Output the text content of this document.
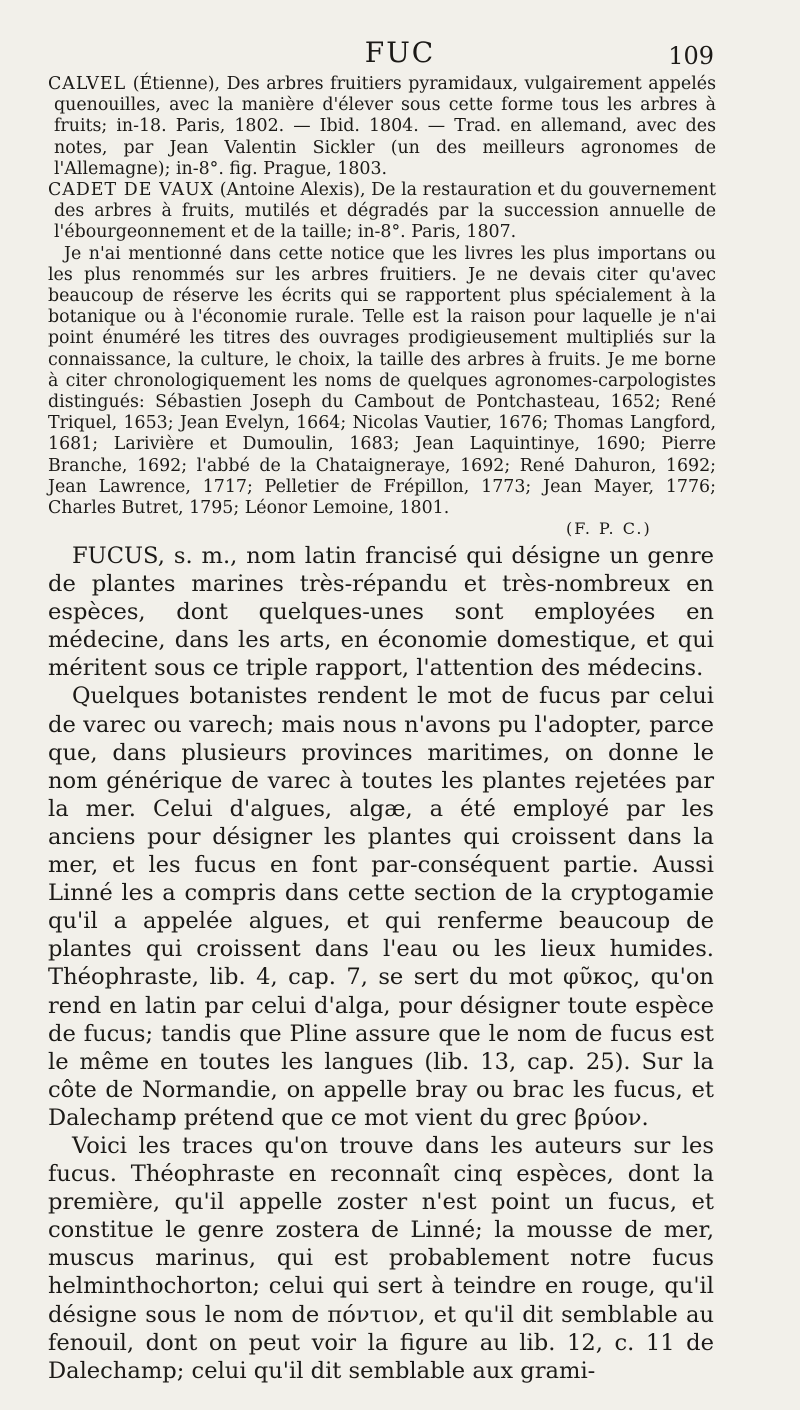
FUC	109

CALVEL (Étienne), Des arbres fruitiers pyramidaux, vulgairement appelés quenouilles, avec la manière d'élever sous cette forme tous les arbres à fruits; in-18. Paris, 1802. — Ibid. 1804. — Trad. en allemand, avec des notes, par Jean Valentin Sickler (un des meilleurs agronomes de l'Allemagne); in-8°. fig. Prague, 1803.

CADET DE VAUX (Antoine Alexis), De la restauration et du gouvernement des arbres à fruits, mutilés et dégradés par la succession annuelle de l'ébourgeonnement et de la taille; in-8°. Paris, 1807.

Je n'ai mentionné dans cette notice que les livres les plus importans ou les plus renommés sur les arbres fruitiers. Je ne devais citer qu'avec beaucoup de réserve les écrits qui se rapportent plus spécialement à la botanique ou à l'économie rurale. Telle est la raison pour laquelle je n'ai point énuméré les titres des ouvrages prodigieusement multipliés sur la connaissance, la culture, le choix, la taille des arbres à fruits. Je me borne à citer chronologiquement les noms de quelques agronomes-carpologistes distingués: Sébastien Joseph du Cambout de Pontchasteau, 1652; René Triquel, 1653; Jean Evelyn, 1664; Nicolas Vautier, 1676; Thomas Langford, 1681; Larivière et Dumoulin, 1683; Jean Laquintinye, 1690; Pierre Branche, 1692; l'abbé de la Chataigneraye, 1692; René Dahuron, 1692; Jean Lawrence, 1717; Pelletier de Frépillon, 1773; Jean Mayer, 1776; Charles Butret, 1795; Léonor Lemoine, 1801.

(F. P. C.)

FUCUS, s. m., nom latin francisé qui désigne un genre de plantes marines très-répandu et très-nombreux en espèces, dont quelques-unes sont employées en médecine, dans les arts, en économie domestique, et qui méritent sous ce triple rapport, l'attention des médecins.

Quelques botanistes rendent le mot de fucus par celui de varec ou varech; mais nous n'avons pu l'adopter, parce que, dans plusieurs provinces maritimes, on donne le nom générique de varec à toutes les plantes rejetées par la mer. Celui d'algues, algæ, a été employé par les anciens pour désigner les plantes qui croissent dans la mer, et les fucus en font par-conséquent partie. Aussi Linné les a compris dans cette section de la cryptogamie qu'il a appelée algues, et qui renferme beaucoup de plantes qui croissent dans l'eau ou les lieux humides. Théophraste, lib. 4, cap. 7, se sert du mot φῦκος, qu'on rend en latin par celui d'alga, pour désigner toute espèce de fucus; tandis que Pline assure que le nom de fucus est le même en toutes les langues (lib. 13, cap. 25). Sur la côte de Normandie, on appelle bray ou brac les fucus, et Dalechamp prétend que ce mot vient du grec βρύον.

Voici les traces qu'on trouve dans les auteurs sur les fucus. Théophraste en reconnaît cinq espèces, dont la première, qu'il appelle zoster n'est point un fucus, et constitue le genre zostera de Linné; la mousse de mer, muscus marinus, qui est probablement notre fucus helminthochorton; celui qui sert à teindre en rouge, qu'il désigne sous le nom de πόντιον, et qu'il dit semblable au fenouil, dont on peut voir la figure au lib. 12, c. 11 de Dalechamp; celui qu'il dit semblable aux grami-
